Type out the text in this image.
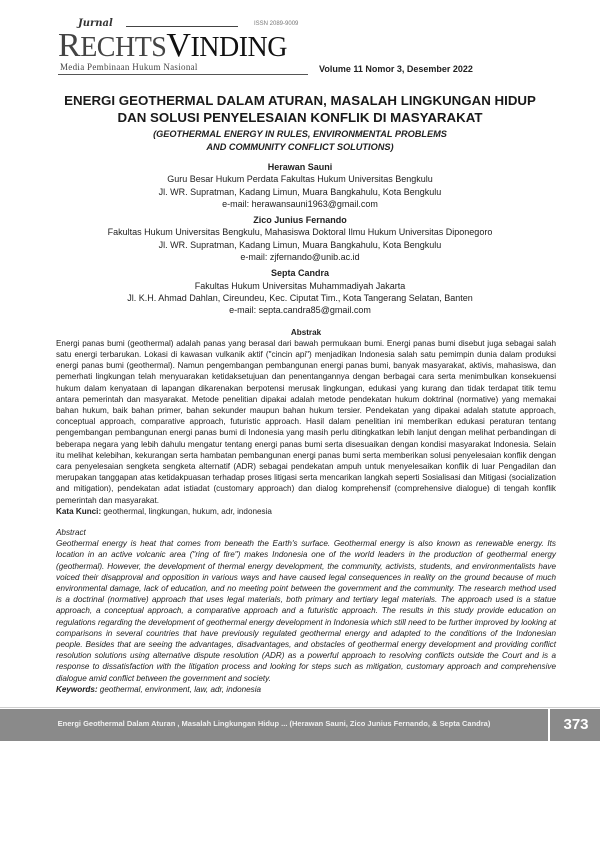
Jurnal	ISSN 2089-9009
RECHTSVINDING
Media Pembinaan Hukum Nasional	Volume 11 Nomor 3, Desember 2022
ENERGI GEOTHERMAL DALAM ATURAN, MASALAH LINGKUNGAN HIDUP
DAN SOLUSI PENYELESAIAN KONFLIK DI MASYARAKAT
(GEOTHERMAL ENERGY IN RULES, ENVIRONMENTAL PROBLEMS
AND COMMUNITY CONFLICT SOLUTIONS)
Herawan Sauni
Guru Besar Hukum Perdata Fakultas Hukum Universitas Bengkulu
Jl. WR. Supratman, Kadang Limun, Muara Bangkahulu, Kota Bengkulu
e-mail: herawansauni1963@gmail.com
Zico Junius Fernando
Fakultas Hukum Universitas Bengkulu, Mahasiswa Doktoral Ilmu Hukum Universitas Diponegoro
Jl. WR. Supratman, Kadang Limun, Muara Bangkahulu, Kota Bengkulu
e-mail: zjfernando@unib.ac.id
Septa Candra
Fakultas Hukum Universitas Muhammadiyah Jakarta
Jl. K.H. Ahmad Dahlan, Cireundeu, Kec. Ciputat Tim., Kota Tangerang Selatan, Banten
e-mail: septa.candra85@gmail.com
Abstrak
Energi panas bumi (geothermal) adalah panas yang berasal dari bawah permukaan bumi. Energi panas bumi disebut juga sebagai salah satu energi terbarukan. Lokasi di kawasan vulkanik aktif ("cincin api") menjadikan Indonesia salah satu pemimpin dunia dalam produksi energi panas bumi (geothermal). Namun pengembangan pembangunan energi panas bumi, banyak masyarakat, aktivis, mahasiswa, dan pemerhati lingkungan telah menyuarakan ketidaksetujuan dan penentangannya dengan berbagai cara serta menimbulkan konsekuensi hukum dalam kenyataan di lapangan dikarenakan berpotensi merusak lingkungan, edukasi yang kurang dan tidak terdapat titik temu antara pemerintah dan masyarakat. Metode penelitian dipakai adalah metode pendekatan hukum doktrinal (normative) yang memakai bahan hukum, baik bahan primer, bahan sekunder maupun bahan hukum tersier. Pendekatan yang dipakai adalah statute approach, conceptual approach, comparative approach, futuristic approach. Hasil dalam penelitian ini memberikan edukasi peraturan tentang pengembangan pembangunan energi panas bumi di Indonesia yang masih perlu ditingkatkan lebih lanjut dengan melihat perbandingan di beberapa negara yang lebih dahulu mengatur tentang energi panas bumi serta disesuaikan dengan kondisi masyarakat Indonesia. Selain itu melihat kelebihan, kekurangan serta hambatan pembangunan energi panas bumi serta memberikan solusi penyelesaian konflik dengan cara penyelesaian sengketa sengketa alternatif (ADR) sebagai pendekatan ampuh untuk menyelesaikan konflik di luar Pengadilan dan merupakan tanggapan atas ketidakpuasan terhadap proses litigasi serta mencarikan langkah seperti Sosialisasi dan Mitigasi (socialization and mitigation), pendekatan adat istiadat (customary approach) dan dialog komprehensif (comprehensive dialogue) di tengah konflik pemerintah dan masyarakat.
Kata Kunci: geothermal, lingkungan, hukum, adr, indonesia
Abstract
Geothermal energy is heat that comes from beneath the Earth's surface. Geothermal energy is also known as renewable energy. Its location in an active volcanic area ("ring of fire") makes Indonesia one of the world leaders in the production of geothermal energy (geothermal). However, the development of thermal energy development, the community, activists, students, and environmentalists have voiced their disapproval and opposition in various ways and have caused legal consequences in reality on the ground because of much environmental damage, lack of education, and no meeting point between the government and the community. The research method used is a doctrinal (normative) approach that uses legal materials, both primary and tertiary legal materials. The approach used is a statue approach, a conceptual approach, a comparative approach and a futuristic approach. The results in this study provide education on regulations regarding the development of geothermal energy development in Indonesia which still need to be further improved by looking at comparisons in several countries that have previously regulated geothermal energy and adapted to the conditions of the Indonesian people. Besides that are seeing the advantages, disadvantages, and obstacles of geothermal energy development and providing conflict resolution solutions using alternative dispute resolution (ADR) as a powerful approach to resolving conflicts outside the Court and is a response to dissatisfaction with the litigation process and looking for steps such as mitigation, customary approach and comprehensive dialogue amid conflict between the government and society.
Keywords: geothermal, environment, law, adr, indonesia
Energi Geothermal Dalam Aturan , Masalah Lingkungan Hidup ... (Herawan Sauni, Zico Junius Fernando, & Septa Candra)	373
